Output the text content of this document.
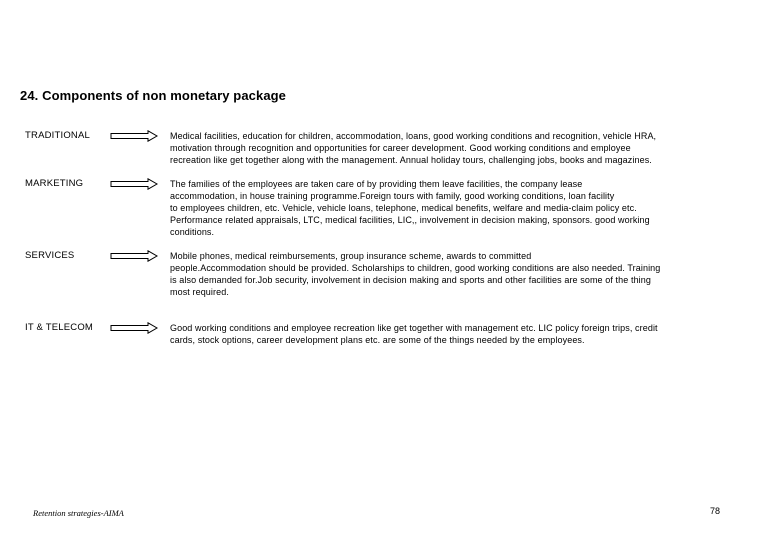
24. Components of non monetary package
TRADITIONAL	Medical facilities, education for children, accommodation, loans, good working conditions and recognition, vehicle HRA,
motivation through recognition and opportunities for career development. Good working conditions and employee
recreation like get together along with the management. Annual holiday tours, challenging jobs, books and magazines.
MARKETING	The families of the employees are taken care of by providing them leave facilities, the company lease
accommodation, in house training programme.Foreign tours with family, good working conditions, loan facility
to employees children, etc. Vehicle, vehicle loans, telephone, medical benefits, welfare and media-claim policy etc.
Performance related appraisals, LTC, medical facilities, LIC,, involvement in decision making, sponsors. good working
conditions.
SERVICES	Mobile phones, medical reimbursements, group insurance scheme, awards to committed
people.Accommodation should be provided. Scholarships to children, good working conditions are also needed. Training
is also demanded for.Job security, involvement in decision making and sports and other facilities are some of the thing
most required.
IT & TELECOM	Good working conditions and employee recreation like get together with management etc. LIC policy foreign trips, credit
cards, stock options, career development plans etc. are some of the things needed by the employees.
Retention strategies-AIMA	78
